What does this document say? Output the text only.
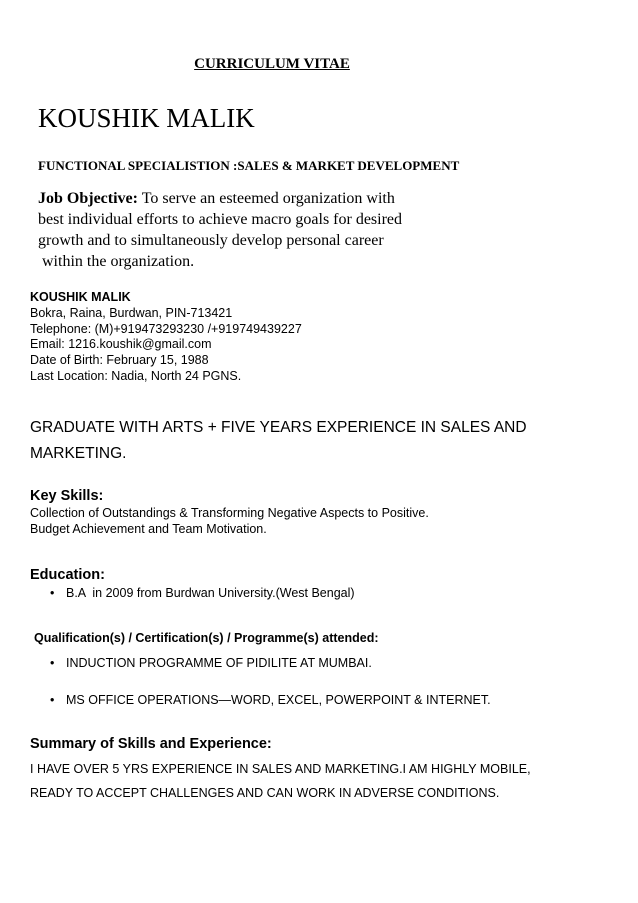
CURRICULUM VITAE
KOUSHIK MALIK
FUNCTIONAL SPECIALISTION :SALES & MARKET DEVELOPMENT
Job Objective: To serve an esteemed organization with
best individual efforts to achieve macro goals for desired
growth and to simultaneously develop personal career
within the organization.
KOUSHIK MALIK
Bokra, Raina, Burdwan, PIN-713421
Telephone: (M)+919473293230 /+919749439227
Email: 1216.koushik@gmail.com
Date of Birth: February 15, 1988
Last Location: Nadia, North 24 PGNS.
GRADUATE WITH ARTS + FIVE YEARS EXPERIENCE IN SALES AND
MARKETING.
Key Skills:
Collection of Outstandings & Transforming Negative Aspects to Positive.
Budget Achievement and Team Motivation.
Education:
• B.A  in 2009 from Burdwan University.(West Bengal)
Qualification(s) / Certification(s) / Programme(s) attended:
• INDUCTION PROGRAMME OF PIDILITE AT MUMBAI.
• MS OFFICE OPERATIONS—WORD, EXCEL, POWERPOINT & INTERNET.
Summary of Skills and Experience:
I HAVE OVER 5 YRS EXPERIENCE IN SALES AND MARKETING.I AM HIGHLY MOBILE,
READY TO ACCEPT CHALLENGES AND CAN WORK IN ADVERSE CONDITIONS.
